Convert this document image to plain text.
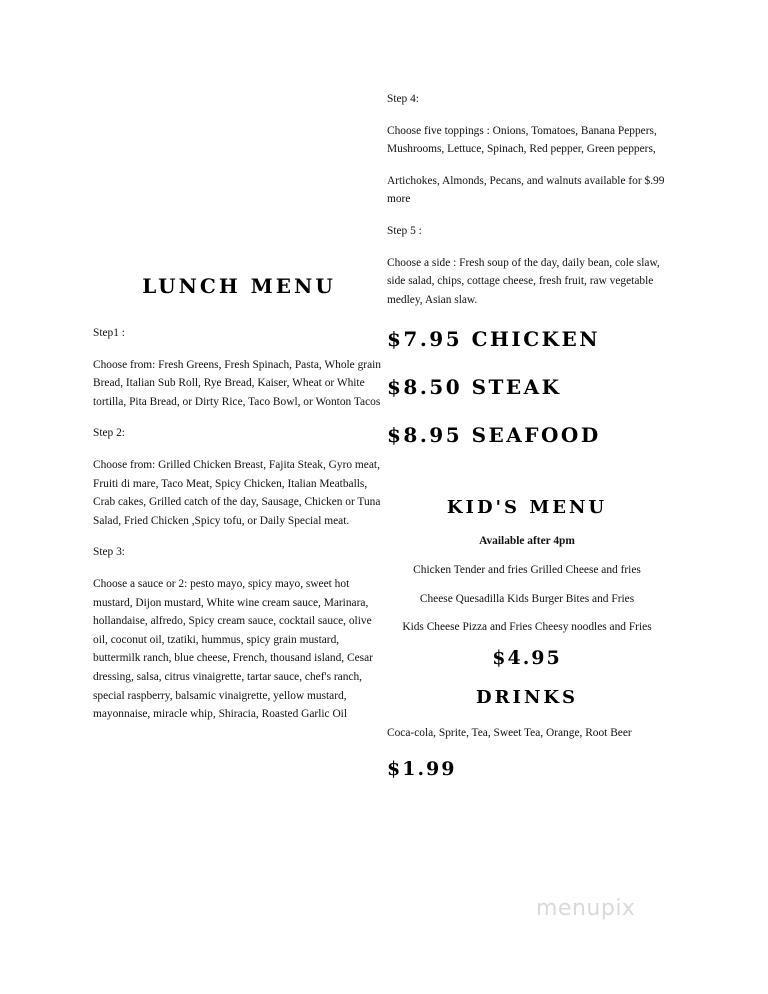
LUNCH MENU

Step1 :

Choose from: Fresh Greens, Fresh Spinach, Pasta, Whole grain Bread, Italian Sub Roll, Rye Bread, Kaiser, Wheat or White tortilla, Pita Bread, or Dirty Rice, Taco Bowl, or Wonton Tacos

Step 2:

Choose from: Grilled Chicken Breast, Fajita Steak, Gyro meat, Fruiti di mare, Taco Meat, Spicy Chicken, Italian Meatballs, Crab cakes, Grilled catch of the day, Sausage, Chicken or Tuna Salad, Fried Chicken ,Spicy tofu, or Daily Special meat.

Step 3:

Choose a sauce or 2: pesto mayo, spicy mayo, sweet hot mustard, Dijon mustard, White wine cream sauce, Marinara, hollandaise, alfredo, Spicy cream sauce, cocktail sauce, olive oil, coconut oil, tzatiki, hummus, spicy grain mustard, buttermilk ranch, blue cheese, French, thousand island, Cesar dressing, salsa, citrus vinaigrette, tartar sauce, chef's ranch, special raspberry, balsamic vinaigrette, yellow mustard, mayonnaise, miracle whip, Shiracia, Roasted Garlic Oil

Step 4:

Choose five toppings : Onions, Tomatoes, Banana Peppers, Mushrooms, Lettuce, Spinach, Red pepper, Green peppers,

Artichokes, Almonds, Pecans, and walnuts available for $.99 more

Step 5 :

Choose a side : Fresh soup of the day, daily bean, cole slaw, side salad, chips, cottage cheese, fresh fruit, raw vegetable medley, Asian slaw.

$7.95 CHICKEN

$8.50 STEAK

$8.95 SEAFOOD

KID'S MENU

Available after 4pm

Chicken Tender and fries Grilled Cheese and fries

Cheese Quesadilla Kids Burger Bites and Fries

Kids Cheese Pizza and Fries Cheesy noodles and Fries

$4.95

DRINKS

Coca-cola, Sprite, Tea, Sweet Tea, Orange, Root Beer

$1.99

menupix
